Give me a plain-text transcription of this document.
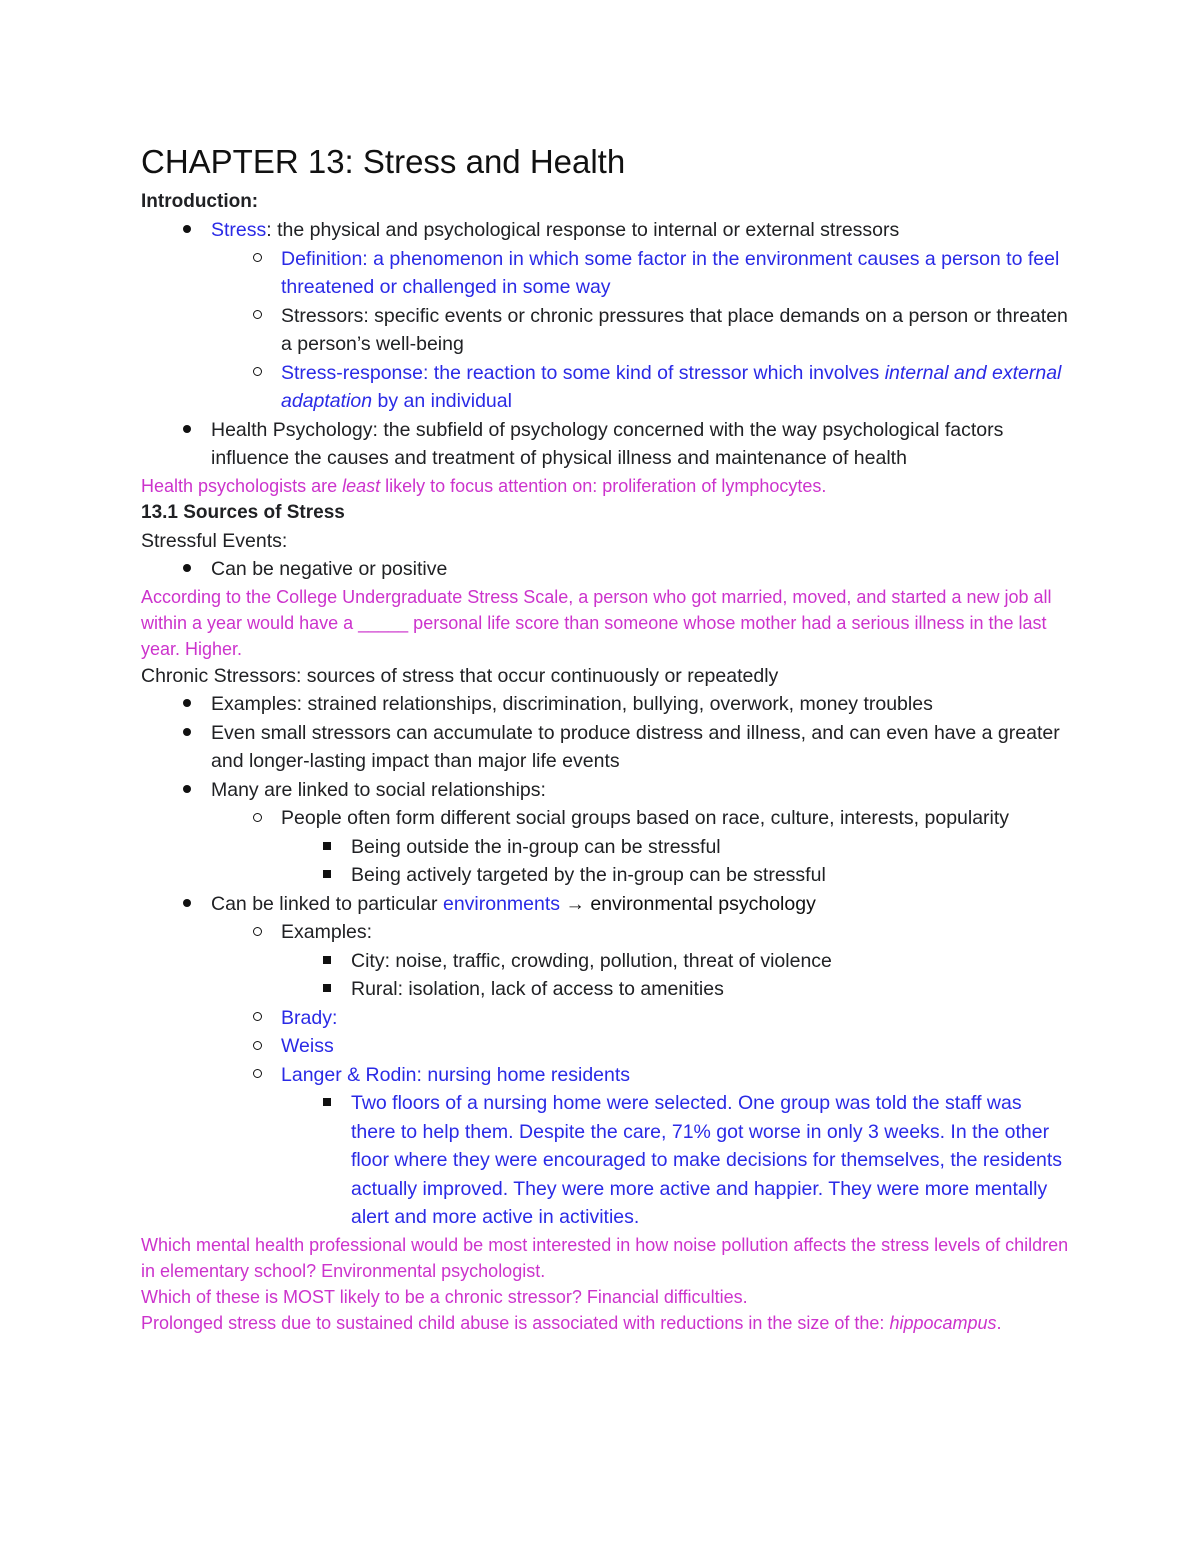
CHAPTER 13: Stress and Health

Introduction:

Stress: the physical and psychological response to internal or external stressors
Definition: a phenomenon in which some factor in the environment causes a person to feel threatened or challenged in some way
Stressors: specific events or chronic pressures that place demands on a person or threaten a person’s well-being
Stress-response: the reaction to some kind of stressor which involves internal and external adaptation by an individual
Health Psychology: the subfield of psychology concerned with the way psychological factors influence the causes and treatment of physical illness and maintenance of health

Health psychologists are least likely to focus attention on: proliferation of lymphocytes.

13.1 Sources of Stress

Stressful Events:

Can be negative or positive

According to the College Undergraduate Stress Scale, a person who got married, moved, and started a new job all within a year would have a _____ personal life score than someone whose mother had a serious illness in the last year. Higher.

Chronic Stressors: sources of stress that occur continuously or repeatedly

Examples: strained relationships, discrimination, bullying, overwork, money troubles
Even small stressors can accumulate to produce distress and illness, and can even have a greater and longer-lasting impact than major life events
Many are linked to social relationships:
People often form different social groups based on race, culture, interests, popularity
Being outside the in-group can be stressful
Being actively targeted by the in-group can be stressful
Can be linked to particular environments → environmental psychology
Examples:
City: noise, traffic, crowding, pollution, threat of violence
Rural: isolation, lack of access to amenities
Brady:
Weiss
Langer & Rodin: nursing home residents
Two floors of a nursing home were selected. One group was told the staff was there to help them. Despite the care, 71% got worse in only 3 weeks. In the other floor where they were encouraged to make decisions for themselves, the residents actually improved. They were more active and happier. They were more mentally alert and more active in activities.

Which mental health professional would be most interested in how noise pollution affects the stress levels of children in elementary school? Environmental psychologist.

Which of these is MOST likely to be a chronic stressor? Financial difficulties.

Prolonged stress due to sustained child abuse is associated with reductions in the size of the: hippocampus.
